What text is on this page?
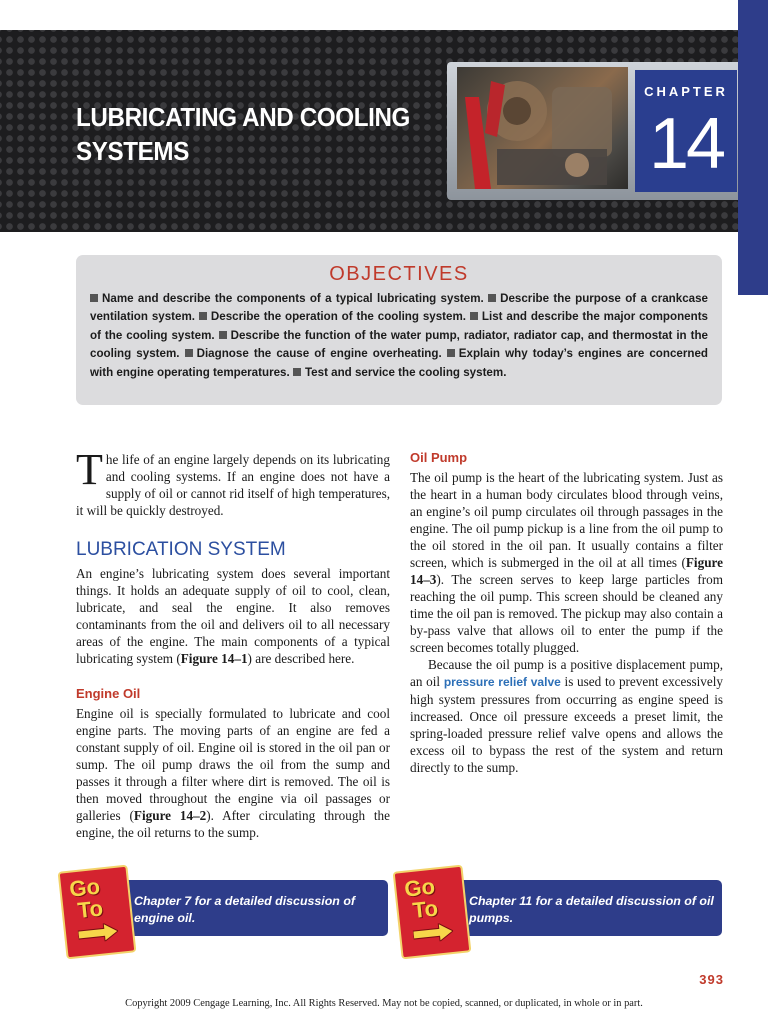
LUBRICATING AND COOLING SYSTEMS
CHAPTER
14
OBJECTIVES

Name and describe the components of a typical lubricating system. Describe the purpose of a crankcase ventilation system. Describe the operation of the cooling system. List and describe the major components of the cooling system. Describe the function of the water pump, radiator, radiator cap, and thermostat in the cooling system. Diagnose the cause of engine overheating. Explain why today’s engines are concerned with engine operating temperatures. Test and service the cooling system.

The life of an engine largely depends on its lubricating and cooling systems. If an engine does not have a supply of oil or cannot rid itself of high temperatures, it will be quickly destroyed.

LUBRICATION SYSTEM

An engine’s lubricating system does several important things. It holds an adequate supply of oil to cool, clean, lubricate, and seal the engine. It also removes contaminants from the oil and delivers oil to all necessary areas of the engine. The main components of a typical lubricating system (Figure 14–1) are described here.

Engine Oil

Engine oil is specially formulated to lubricate and cool engine parts. The moving parts of an engine are fed a constant supply of oil. Engine oil is stored in the oil pan or sump. The oil pump draws the oil from the sump and passes it through a filter where dirt is removed. The oil is then moved throughout the engine via oil passages or galleries (Figure 14–2). After circulating through the engine, the oil returns to the sump.

Oil Pump

The oil pump is the heart of the lubricating system. Just as the heart in a human body circulates blood through veins, an engine’s oil pump circulates oil through passages in the engine. The oil pump pickup is a line from the oil pump to the oil stored in the oil pan. It usually contains a filter screen, which is submerged in the oil at all times (Figure 14–3). The screen serves to keep large particles from reaching the oil pump. This screen should be cleaned any time the oil pan is removed. The pickup may also contain a by-pass valve that allows oil to enter the pump if the screen becomes totally plugged.

Because the oil pump is a positive displacement pump, an oil pressure relief valve is used to prevent excessively high system pressures from occurring as engine speed is increased. Once oil pressure exceeds a preset limit, the spring-loaded pressure relief valve opens and allows the excess oil to bypass the rest of the system and return directly to the sump.

Go
To Chapter 7 for a detailed discussion of engine oil.
Go
To Chapter 11 for a detailed discussion of oil pumps.
393
Copyright 2009 Cengage Learning, Inc. All Rights Reserved. May not be copied, scanned, or duplicated, in whole or in part.
